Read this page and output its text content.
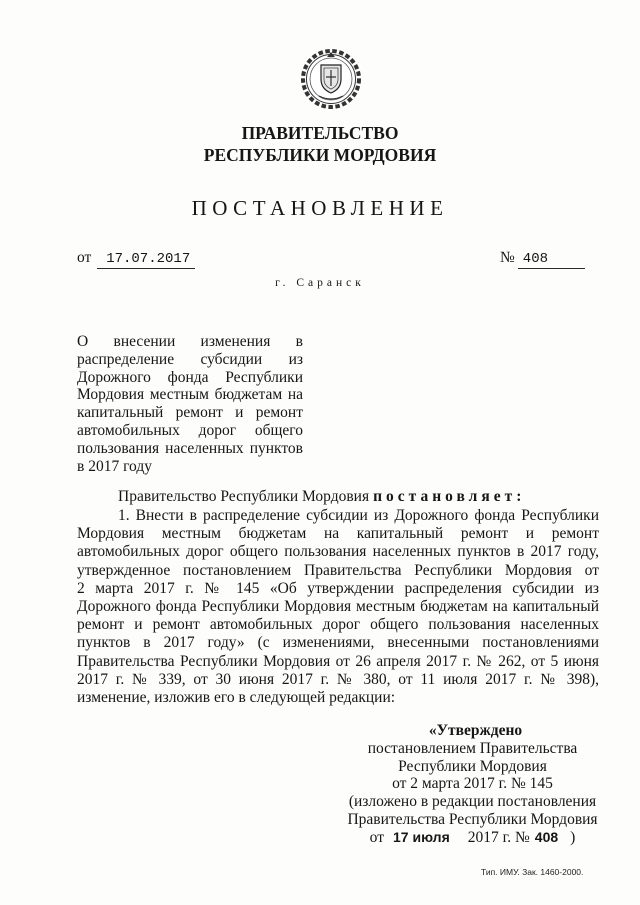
ПРАВИТЕЛЬСТВО
РЕСПУБЛИКИ МОРДОВИЯ
ПОСТАНОВЛЕНИЕ
от 17.07.2017	№ 408
г. Саранск
О внесении изменения в
распределение субсидии из
Дорожного фонда Республики
Мордовия местным бюджетам на
капитальный ремонт и ремонт
автомобильных дорог общего
пользования населенных пунктов
в 2017 году
Правительство Республики Мордовия постановляет:
1. Внести в распределение субсидии из Дорожного фонда Республики
Мордовия местным бюджетам на капитальный ремонт и ремонт
автомобильных дорог общего пользования населенных пунктов в 2017 году,
утвержденное постановлением Правительства Республики Мордовия от
2 марта 2017 г. № 145 «Об утверждении распределения субсидии из
Дорожного фонда Республики Мордовия местным бюджетам на капитальный
ремонт и ремонт автомобильных дорог общего пользования населенных
пунктов в 2017 году» (с изменениями, внесенными постановлениями
Правительства Республики Мордовия от 26 апреля 2017 г. № 262, от 5 июня
2017 г. № 339, от 30 июня 2017 г. № 380, от 11 июля 2017 г. № 398),
изменение, изложив его в следующей редакции:
«Утверждено
постановлением Правительства
Республики Мордовия
от 2 марта 2017 г. № 145
(изложено в редакции постановления
Правительства Республики Мордовия
от 17 июля 2017 г. № 408 )
Тип. ИМУ. Зак. 1460-2000.
